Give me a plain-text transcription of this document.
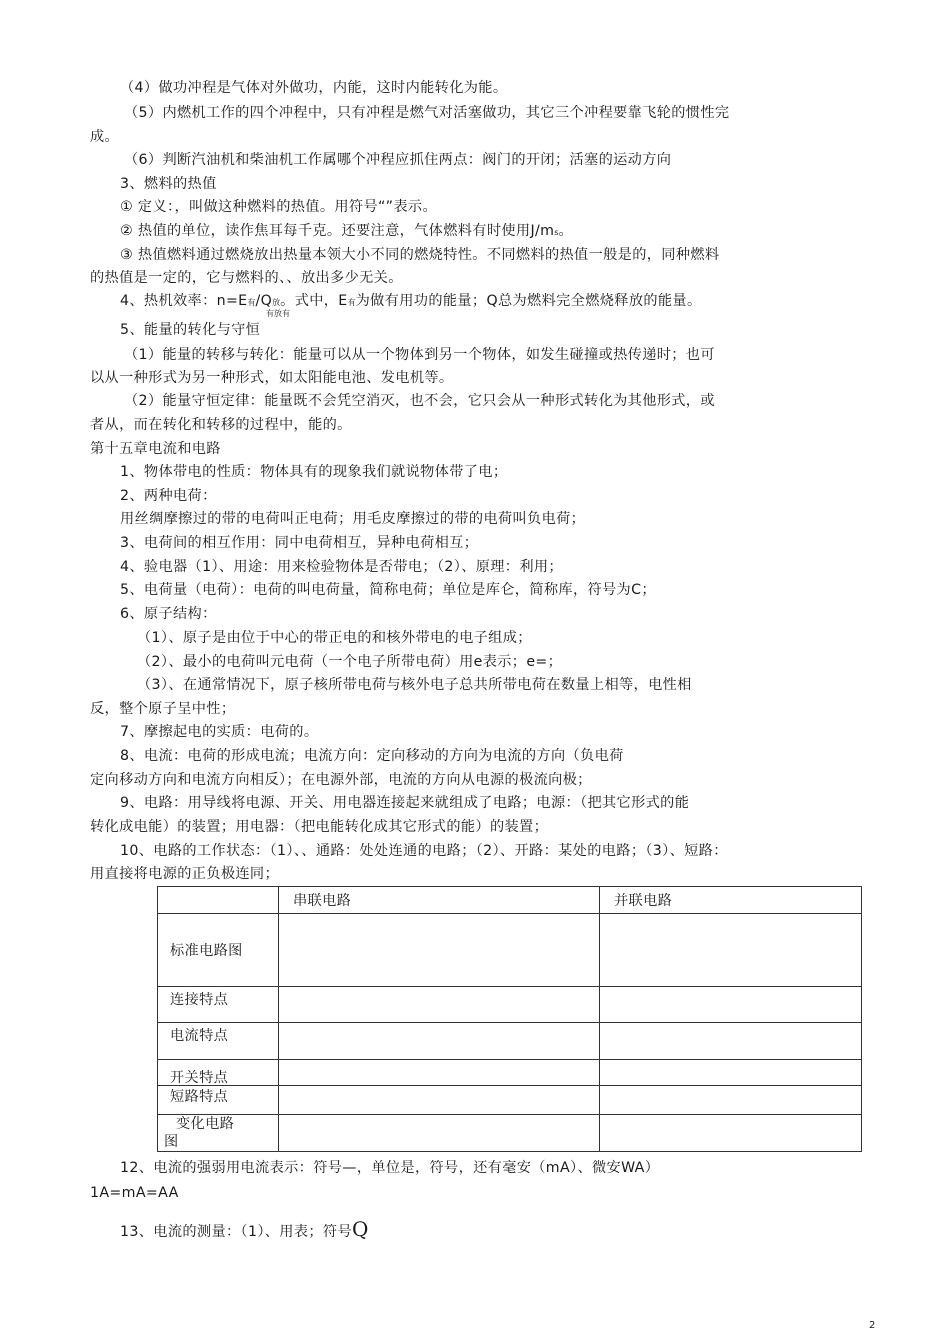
（4）做功冲程是气体对外做功，内能，这时内能转化为能。
（5）内燃机工作的四个冲程中，只有冲程是燃气对活塞做功，其它三个冲程要靠飞轮的惯性完
成。
（6）判断汽油机和柴油机工作属哪个冲程应抓住两点：阀门的开闭；活塞的运动方向
3、燃料的热值
① 定义：，叫做这种燃料的热值。用符号“”表示。
② 热值的单位，读作焦耳每千克。还要注意，气体燃料有时使用J/ms。
③ 热值燃料通过燃烧放出热量本领大小不同的燃烧特性。不同燃料的热值一般是的，同种燃料
的热值是一定的，它与燃料的、、放出多少无关。
4、热机效率：n=E有/Q放。式中，E有为做有用功的能量；Q总为燃料完全燃烧释放的能量。
有放有
5、能量的转化与守恒
（1）能量的转移与转化：能量可以从一个物体到另一个物体，如发生碰撞或热传递时；也可
以从一种形式为另一种形式，如太阳能电池、发电机等。
（2）能量守恒定律：能量既不会凭空消灭，也不会，它只会从一种形式转化为其他形式，或
者从，而在转化和转移的过程中，能的。
第十五章电流和电路
1、物体带电的性质：物体具有的现象我们就说物体带了电；
2、两种电荷：
用丝绸摩擦过的带的电荷叫正电荷；用毛皮摩擦过的带的电荷叫负电荷；
3、电荷间的相互作用：同中电荷相互，异种电荷相互；
4、验电器（1）、用途：用来检验物体是否带电；（2）、原理：利用；
5、电荷量（电荷）：电荷的叫电荷量，简称电荷；单位是库仑，简称库，符号为C；
6、原子结构：
（1）、原子是由位于中心的带正电的和核外带电的电子组成；
（2）、最小的电荷叫元电荷（一个电子所带电荷）用e表示；e=；
（3）、在通常情况下，原子核所带电荷与核外电子总共所带电荷在数量上相等，电性相
反，整个原子呈中性；
7、摩擦起电的实质：电荷的。
8、电流：电荷的形成电流；电流方向：定向移动的方向为电流的方向（负电荷
定向移动方向和电流方向相反）；在电源外部，电流的方向从电源的极流向极；
9、电路：用导线将电源、开关、用电器连接起来就组成了电路；电源：（把其它形式的能
转化成电能）的装置；用电器：（把电能转化成其它形式的能）的装置；
10、电路的工作状态：（1）、、通路：处处连通的电路；（2）、开路：某处的电路；（3）、短路：
用直接将电源的正负极连同；
	串联电路	并联电路
标准电路图		
连接特点		
电流特点		
开关特点		
短路特点		

变化电路
图		

12、电流的强弱用电流表示：符号—，单位是，符号，还有毫安（mA）、微安WA）
1A=mA=AA
13、电流的测量：（1）、用表；符号Q
2
